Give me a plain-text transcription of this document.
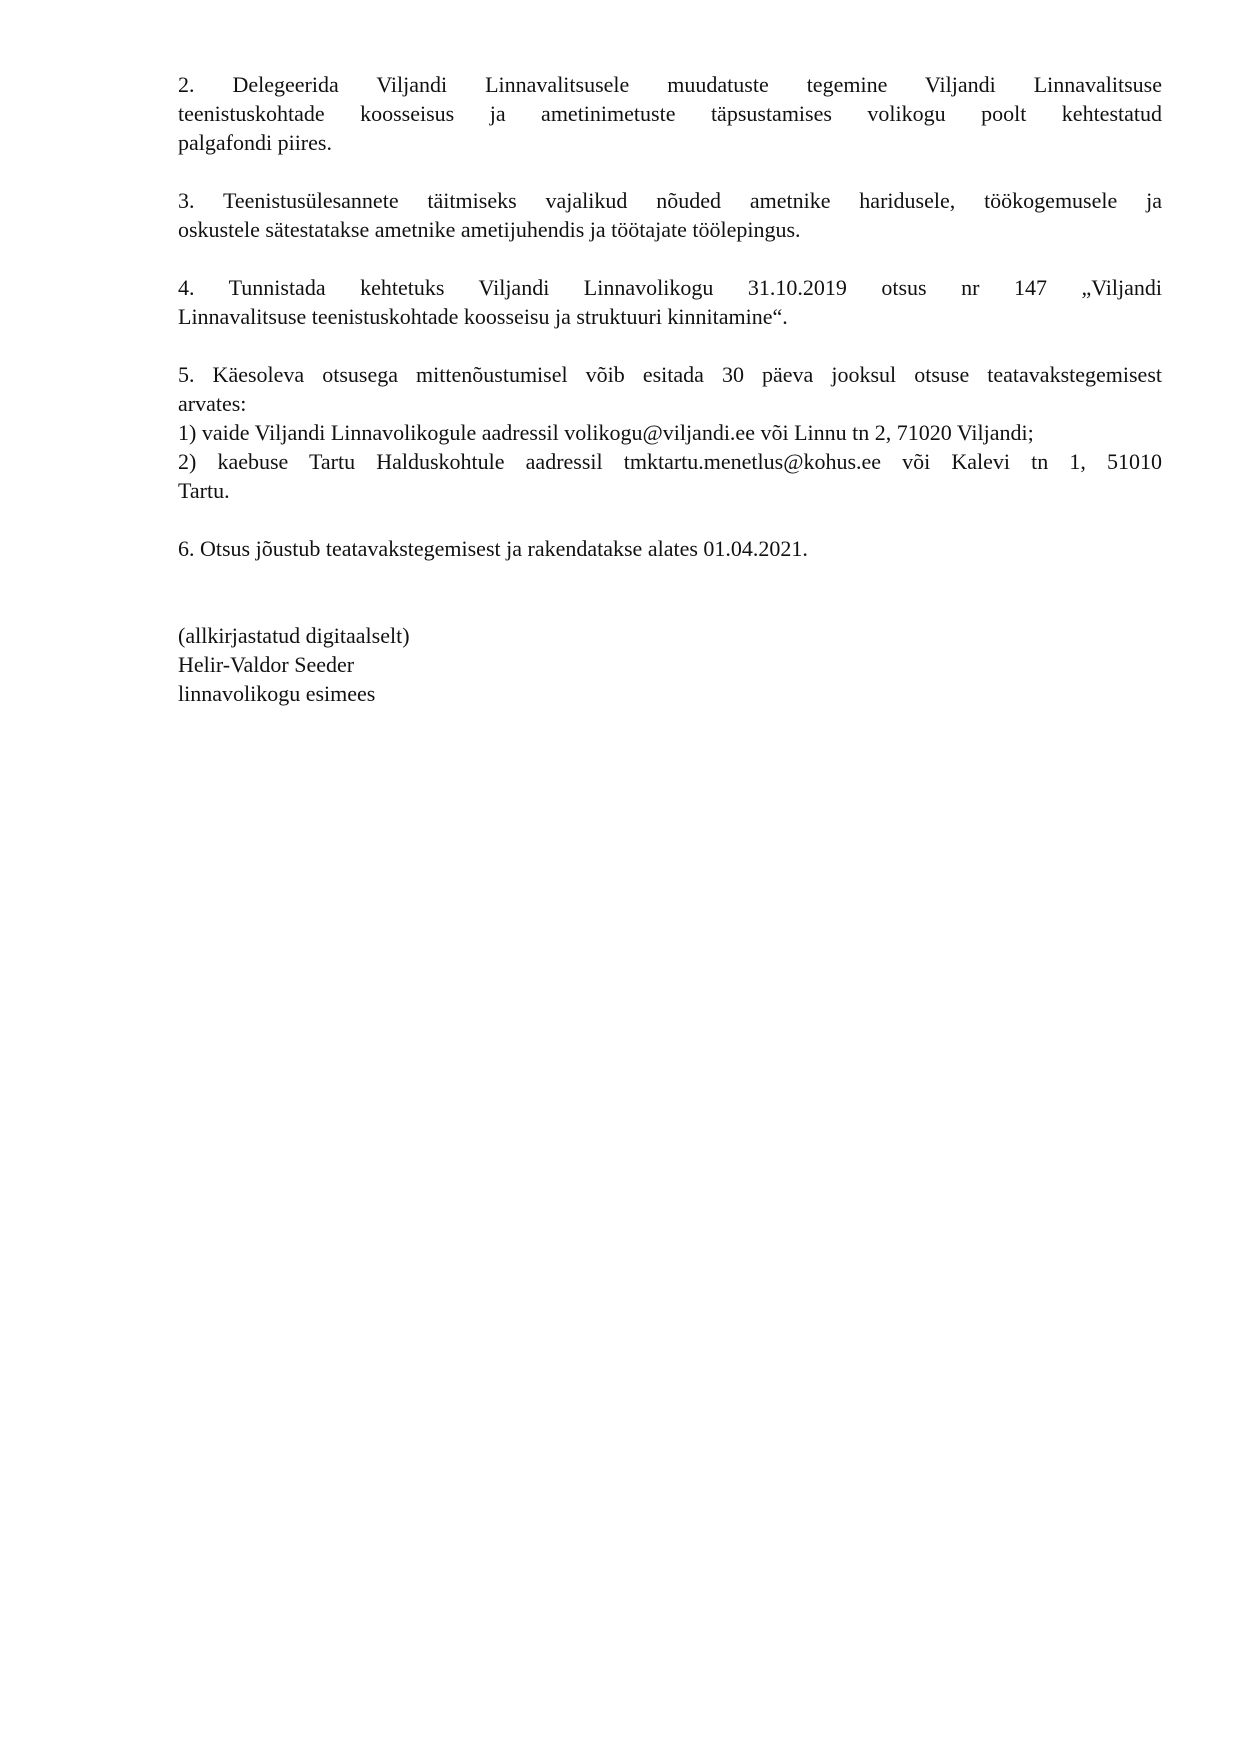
2. Delegeerida Viljandi Linnavalitsusele muudatuste tegemine Viljandi Linnavalitsuse
teenistuskohtade koosseisus ja ametinimetuste täpsustamises volikogu poolt kehtestatud
palgafondi piires.
3. Teenistusülesannete täitmiseks vajalikud nõuded ametnike haridusele, töökogemusele ja
oskustele sätestatakse ametnike ametijuhendis ja töötajate töölepingus.
4. Tunnistada kehtetuks Viljandi Linnavolikogu 31.10.2019 otsus nr 147 „Viljandi
Linnavalitsuse teenistuskohtade koosseisu ja struktuuri kinnitamine“.
5. Käesoleva otsusega mittenõustumisel võib esitada 30 päeva jooksul otsuse teatavakstegemisest
arvates:
1) vaide Viljandi Linnavolikogule aadressil volikogu@viljandi.ee või Linnu tn 2, 71020 Viljandi;
2) kaebuse Tartu Halduskohtule aadressil tmktartu.menetlus@kohus.ee või Kalevi tn 1, 51010
Tartu.
6. Otsus jõustub teatavakstegemisest ja rakendatakse alates 01.04.2021.
(allkirjastatud digitaalselt)
Helir-Valdor Seeder
linnavolikogu esimees
